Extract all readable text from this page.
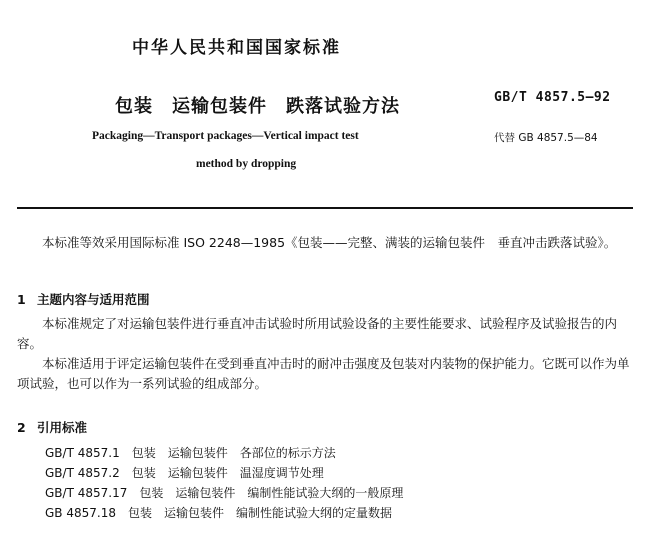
中华人民共和国国家标准
包装　运输包装件　跌落试验方法	GB/T 4857.5—92
Packaging—Transport packages—Vertical impact test
method by dropping
代替 GB 4857.5—84
本标准等效采用国际标准 ISO 2248—1985《包装——完整、满装的运输包装件　垂直冲击跌落试验》。
1 主题内容与适用范围
本标准规定了对运输包装件进行垂直冲击试验时所用试验设备的主要性能要求、试验程序及试验报告的内容。
本标准适用于评定运输包装件在受到垂直冲击时的耐冲击强度及包装对内装物的保护能力。它既可以作为单项试验，也可以作为一系列试验的组成部分。
2 引用标准
GB/T 4857.1 包装　运输包装件　各部位的标示方法
GB/T 4857.2 包装　运输包装件　温湿度调节处理
GB/T 4857.17 包装　运输包装件　编制性能试验大纲的一般原理
GB 4857.18 包装　运输包装件　编制性能试验大纲的定量数据
